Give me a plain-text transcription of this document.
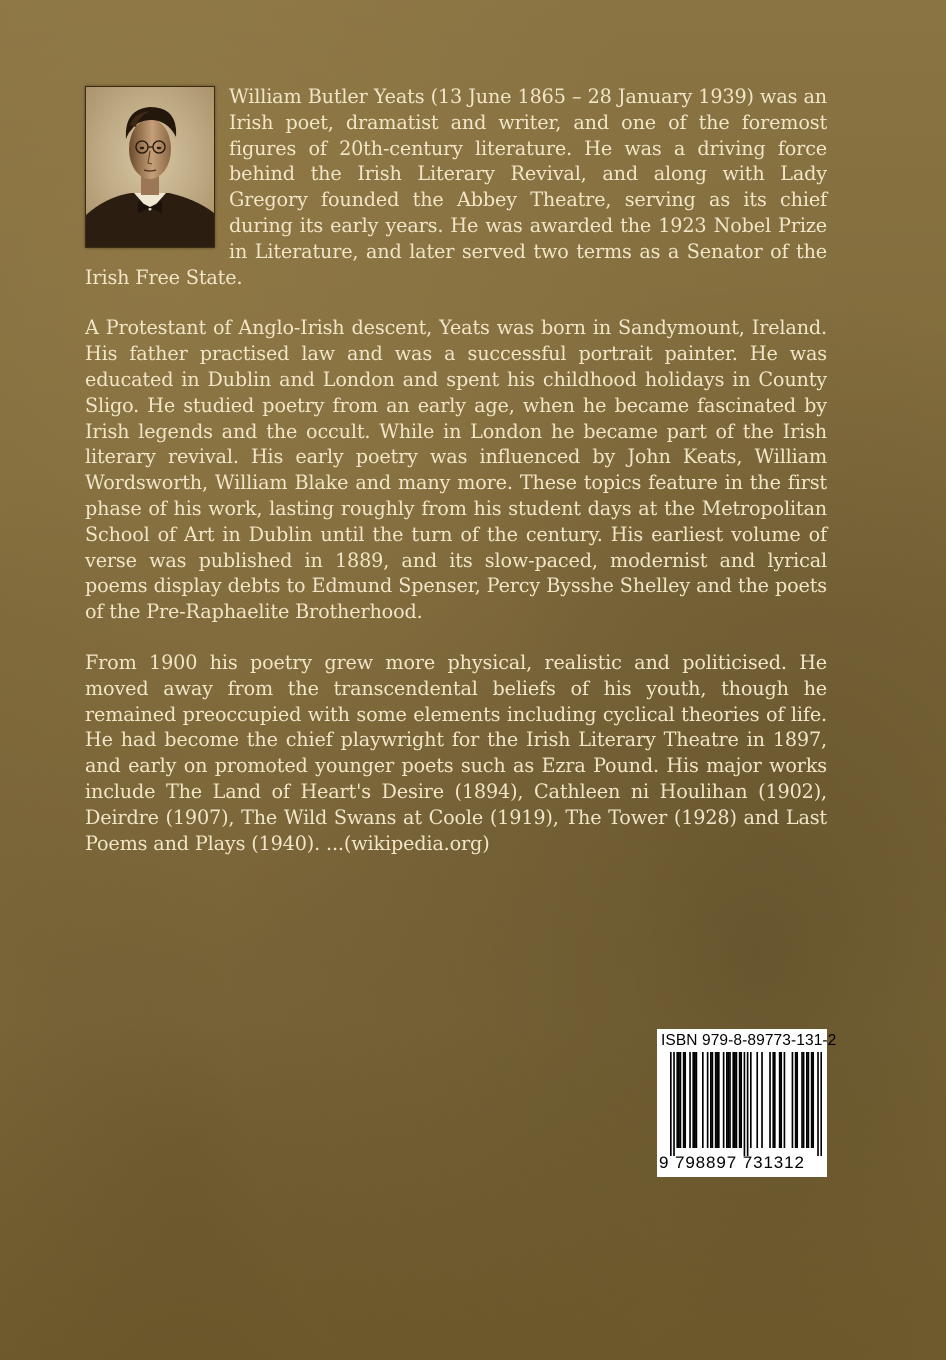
William Butler Yeats (13 June 1865 – 28 January 1939) was an Irish poet, dramatist and writer, and one of the foremost figures of 20th-century literature. He was a driving force behind the Irish Literary Revival, and along with Lady Gregory founded the Abbey Theatre, serving as its chief during its early years. He was awarded the 1923 Nobel Prize in Literature, and later served two terms as a Senator of the Irish Free State.

A Protestant of Anglo-Irish descent, Yeats was born in Sandymount, Ireland. His father practised law and was a successful portrait painter. He was educated in Dublin and London and spent his childhood holidays in County Sligo. He studied poetry from an early age, when he became fascinated by Irish legends and the occult. While in London he became part of the Irish literary revival. His early poetry was influenced by John Keats, William Wordsworth, William Blake and many more. These topics feature in the first phase of his work, lasting roughly from his student days at the Metropolitan School of Art in Dublin until the turn of the century. His earliest volume of verse was published in 1889, and its slow-paced, modernist and lyrical poems display debts to Edmund Spenser, Percy Bysshe Shelley and the poets of the Pre-Raphaelite Brotherhood.

From 1900 his poetry grew more physical, realistic and politicised. He moved away from the transcendental beliefs of his youth, though he remained preoccupied with some elements including cyclical theories of life. He had become the chief playwright for the Irish Literary Theatre in 1897, and early on promoted younger poets such as Ezra Pound. His major works include The Land of Heart's Desire (1894), Cathleen ni Houlihan (1902), Deirdre (1907), The Wild Swans at Coole (1919), The Tower (1928) and Last Poems and Plays (1940). ...(wikipedia.org)

ISBN 979-8-89773-131-2
9 798897 731312
